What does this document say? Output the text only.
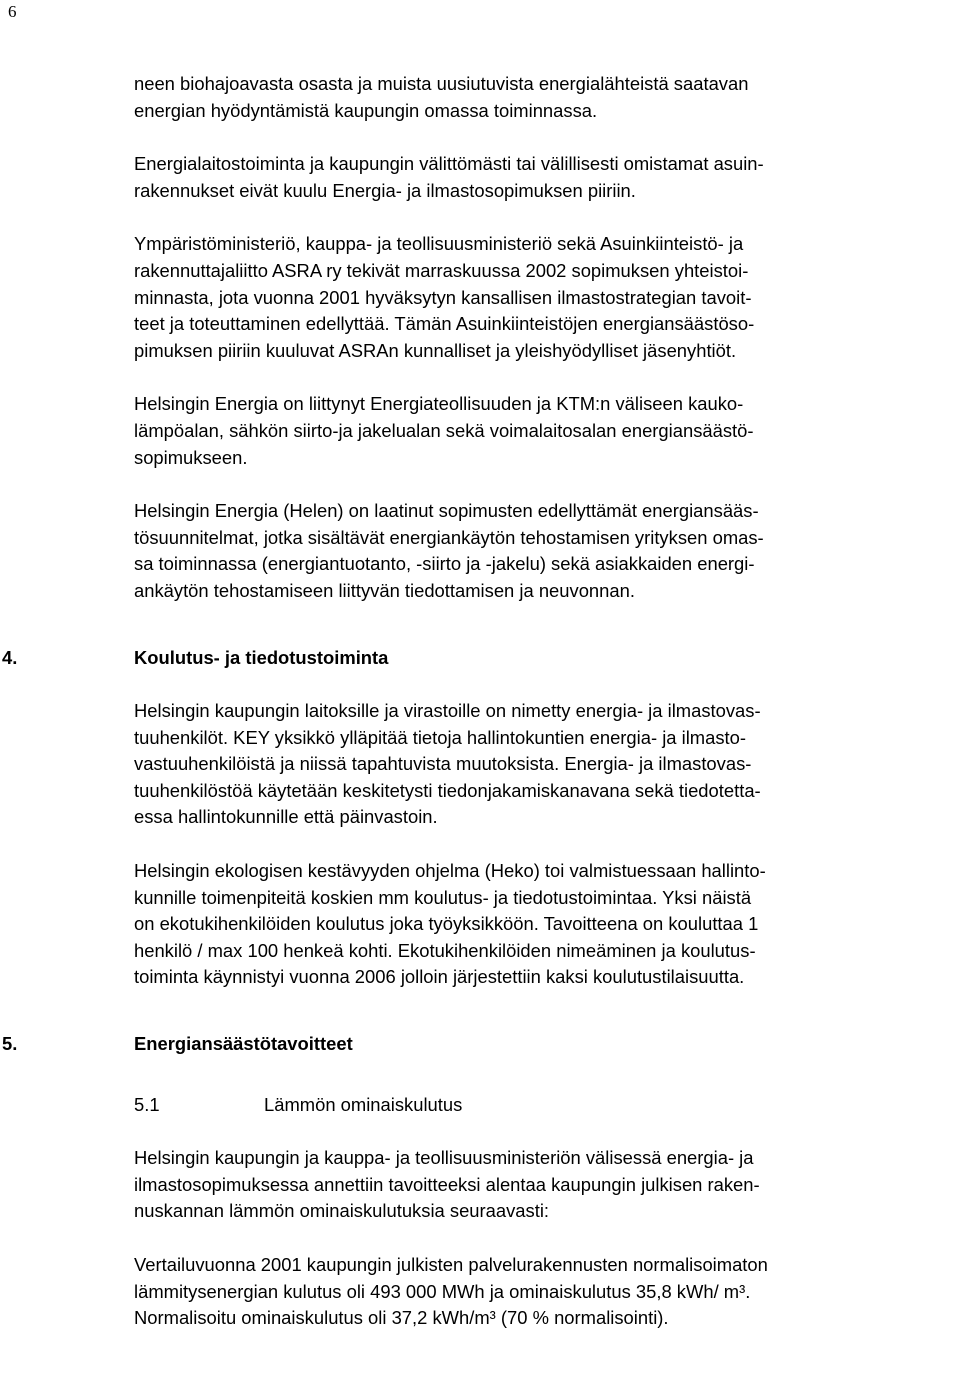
6

neen biohajoavasta osasta ja muista uusiutuvista energialähteistä saatavan
energian hyödyntämistä kaupungin omassa toiminnassa.

Energialaitostoiminta ja kaupungin välittömästi tai välillisesti omistamat asuin-
rakennukset eivät kuulu Energia- ja ilmastosopimuksen piiriin.

Ympäristöministeriö, kauppa- ja teollisuusministeriö sekä Asuinkiinteistö- ja
rakennuttajaliitto ASRA ry tekivät marraskuussa 2002 sopimuksen yhteistoi-
minnasta, jota vuonna 2001 hyväksytyn kansallisen ilmastostrategian tavoit-
teet ja toteuttaminen edellyttää. Tämän Asuinkiinteistöjen energiansäästöso-
pimuksen piiriin kuuluvat ASRAn kunnalliset ja yleishyödylliset jäsenyhtiöt.

Helsingin Energia on liittynyt Energiateollisuuden ja KTM:n väliseen kauko-
lämpöalan, sähkön siirto-ja jakelualan sekä voimalaitosalan energiansäästö-
sopimukseen.

Helsingin Energia (Helen) on laatinut sopimusten edellyttämät energiansääs-
tösuunnitelmat, jotka sisältävät energiankäytön tehostamisen yrityksen omas-
sa toiminnassa (energiantuotanto, -siirto ja -jakelu) sekä asiakkaiden energi-
ankäytön tehostamiseen liittyvän tiedottamisen ja neuvonnan.

4.	Koulutus- ja tiedotustoiminta

Helsingin kaupungin laitoksille ja virastoille on nimetty energia- ja ilmastovas-
tuuhenkilöt. KEY yksikkö ylläpitää tietoja hallintokuntien energia- ja ilmasto-
vastuuhenkilöistä ja niissä tapahtuvista muutoksista. Energia- ja ilmastovas-
tuuhenkilöstöä käytetään keskitetysti tiedonjakamiskanavana sekä tiedotetta-
essa hallintokunnille että päinvastoin.

Helsingin ekologisen kestävyyden ohjelma (Heko) toi valmistuessaan hallinto-
kunnille toimenpiteitä koskien mm koulutus- ja tiedotustoimintaa. Yksi näistä
on ekotukihenkilöiden koulutus joka työyksikköön. Tavoitteena on kouluttaa 1
henkilö / max 100 henkeä kohti. Ekotukihenkilöiden nimeäminen ja koulutus-
toiminta käynnistyi vuonna 2006 jolloin järjestettiin kaksi koulutustilaisuutta.

5.	Energiansäästötavoitteet
5.1	Lämmön ominaiskulutus

Helsingin kaupungin ja kauppa- ja teollisuusministeriön välisessä energia- ja
ilmastosopimuksessa annettiin tavoitteeksi alentaa kaupungin julkisen raken-
nuskannan lämmön ominaiskulutuksia seuraavasti:

Vertailuvuonna 2001 kaupungin julkisten palvelurakennusten normalisoimaton
lämmitysenergian kulutus oli 493 000 MWh ja ominaiskulutus 35,8 kWh/ m³.
Normalisoitu ominaiskulutus oli 37,2 kWh/m³ (70 % normalisointi).
